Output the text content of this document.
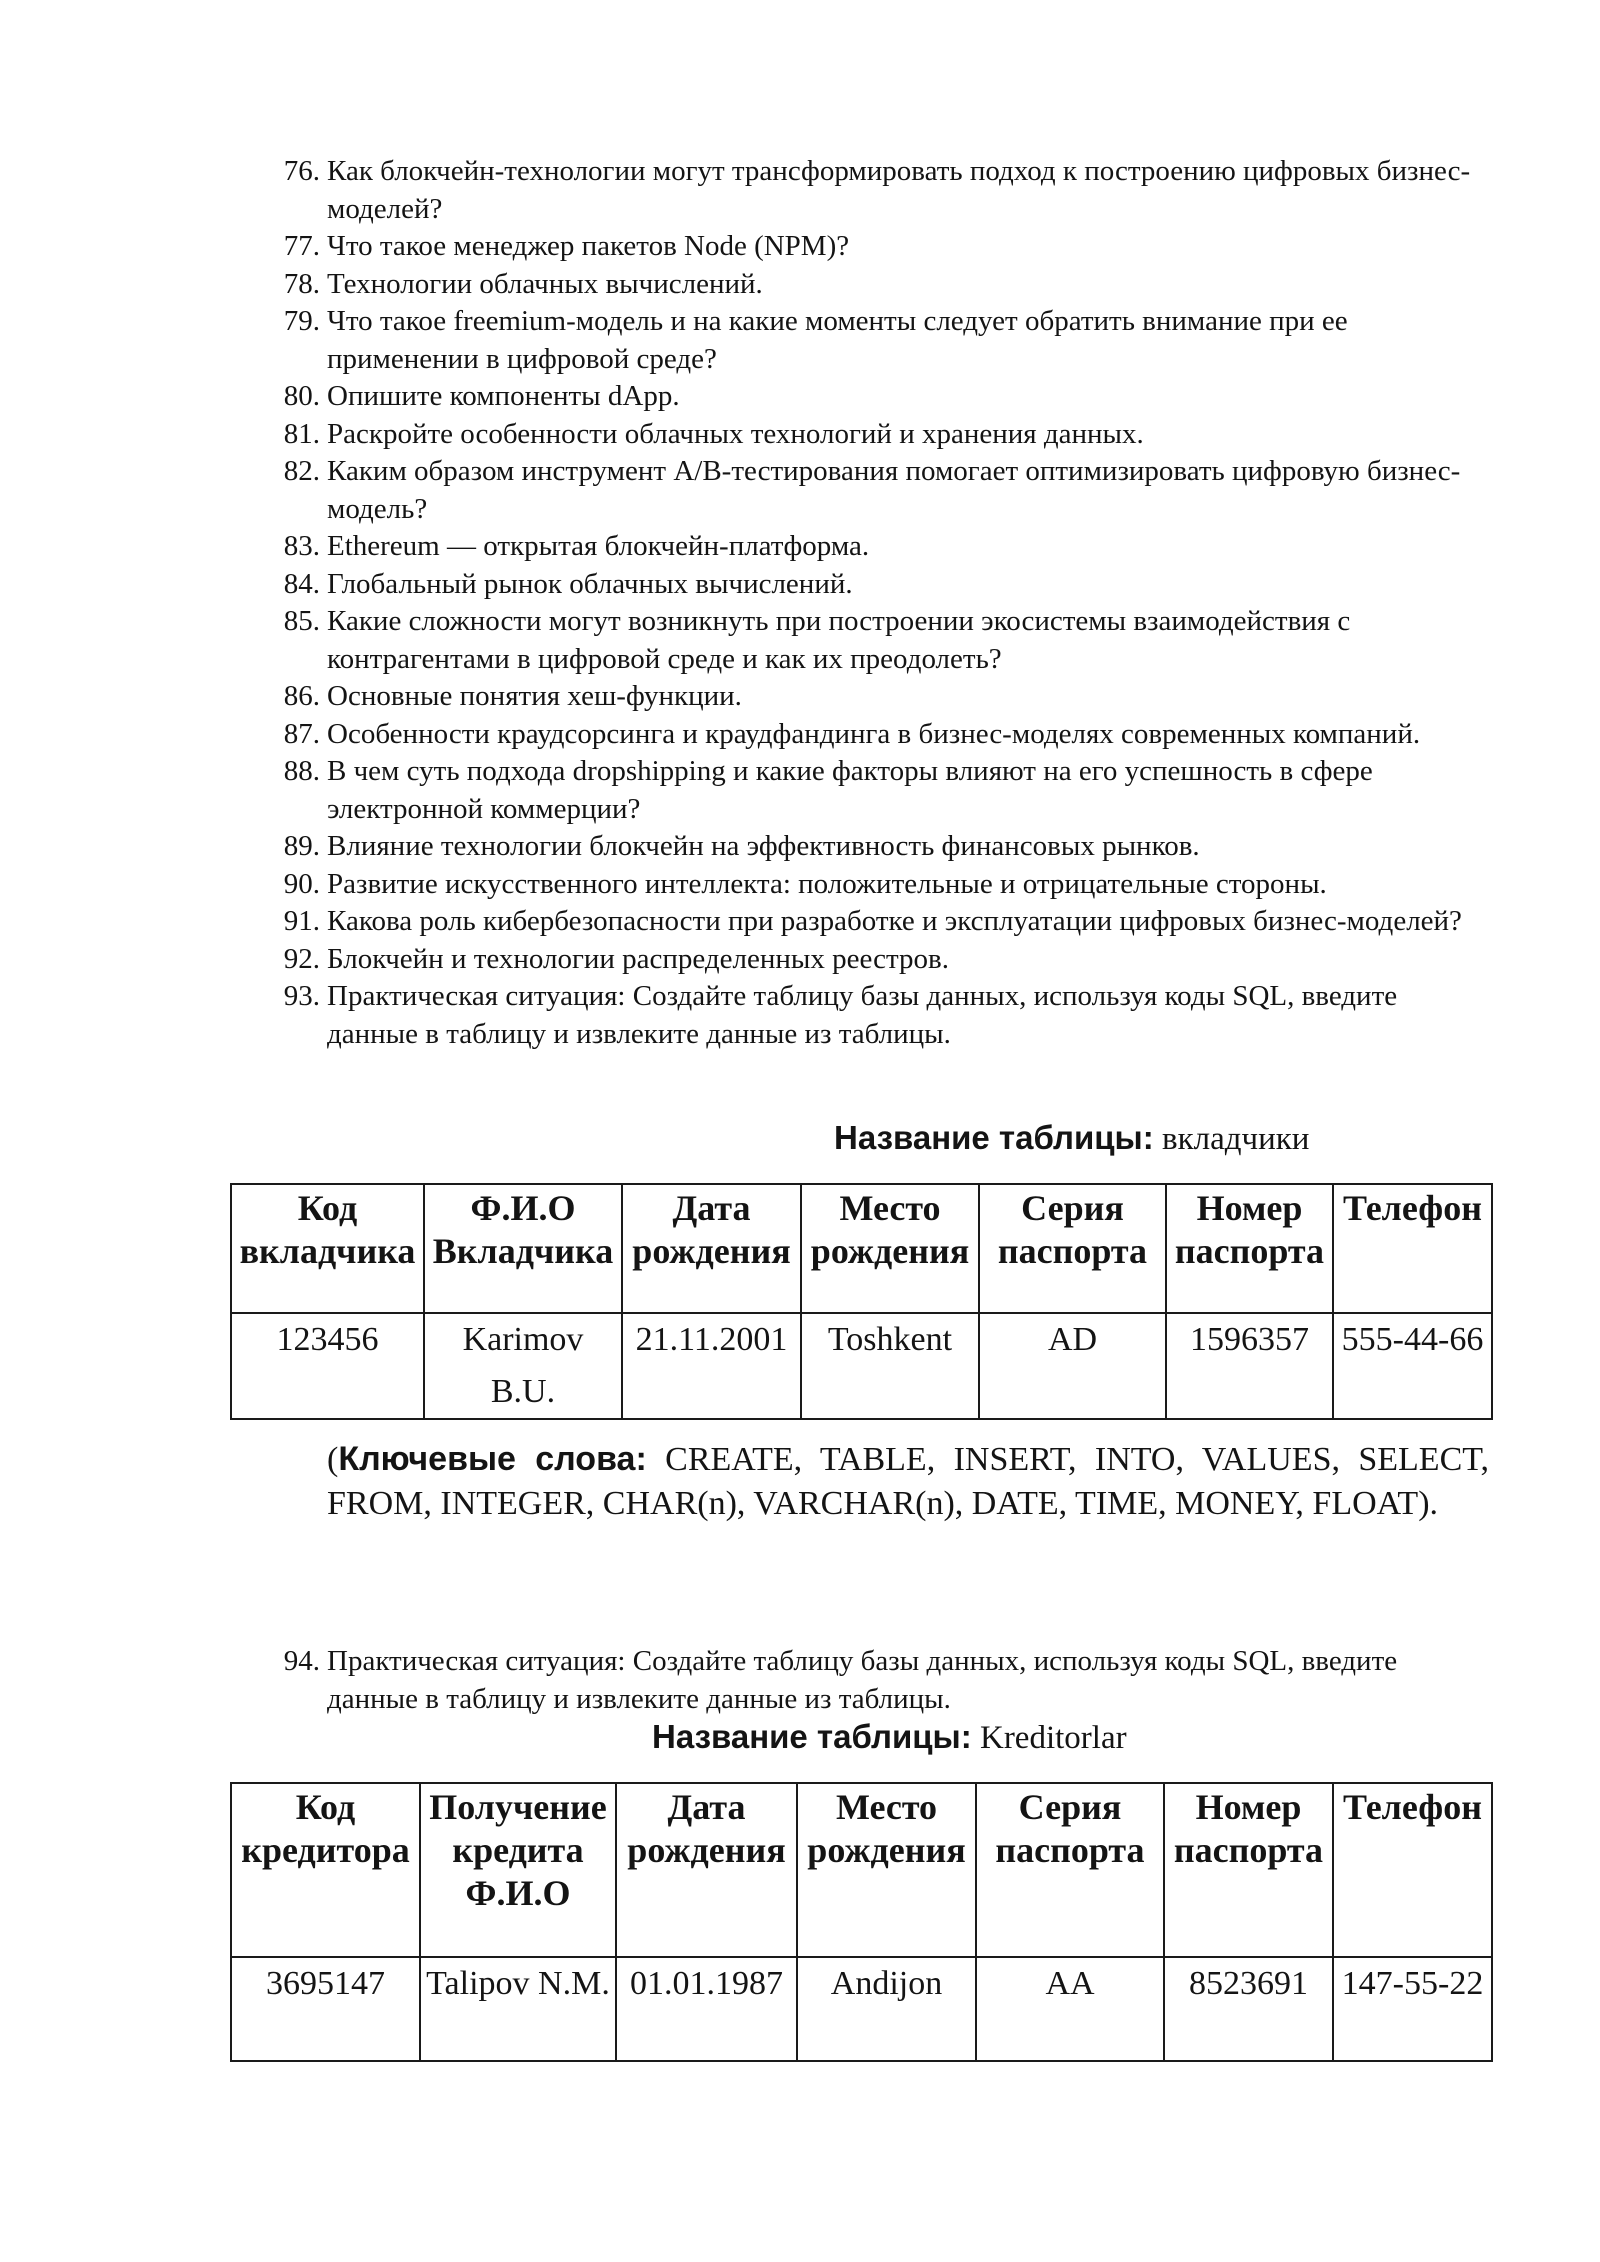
76. Как блокчейн-технологии могут трансформировать подход к построению цифровых бизнес-моделей?
77. Что такое менеджер пакетов Node (NPM)?
78. Технологии облачных вычислений.
79. Что такое freemium-модель и на какие моменты следует обратить внимание при ее применении в цифровой среде?
80. Опишите компоненты dApp.
81. Раскройте особенности облачных технологий и хранения данных.
82. Каким образом инструмент А/В-тестирования помогает оптимизировать цифровую бизнес-модель?
83. Ethereum — открытая блокчейн-платформа.
84. Глобальный рынок облачных вычислений.
85. Какие сложности могут возникнуть при построении экосистемы взаимодействия с контрагентами в цифровой среде и как их преодолеть?
86. Основные понятия хеш-функции.
87. Особенности краудсорсинга и краудфандинга в бизнес-моделях современных компаний.
88. В чем суть подхода dropshipping и какие факторы влияют на его успешность в сфере электронной коммерции?
89. Влияние технологии блокчейн на эффективность финансовых рынков.
90. Развитие искусственного интеллекта: положительные и отрицательные стороны.
91. Какова роль кибербезопасности при разработке и эксплуатации цифровых бизнес-моделей?
92. Блокчейн и технологии распределенных реестров.
93. Практическая ситуация: Создайте таблицу базы данных, используя коды SQL, введите данные в таблицу и извлеките данные из таблицы.
Название таблицы: вкладчики
Код вкладчика	Ф.И.О Вкладчика	Дата рождения	Место рождения	Серия паспорта	Номер паспорта	Телефон

123456	Karimov B.U.	21.11.2001	Toshkent	AD	1596357	555-44-66
(Ключевые слова: CREATE, TABLE, INSERT, INTO, VALUES, SELECT, FROM, INTEGER, CHAR(n), VARCHAR(n), DATE, TIME, MONEY, FLOAT).
94. Практическая ситуация: Создайте таблицу базы данных, используя коды SQL, введите данные в таблицу и извлеките данные из таблицы.
Название таблицы: Kreditorlar
Код кредитора	Получение кредита Ф.И.О	Дата рождения	Место рождения	Серия паспорта	Номер паспорта	Телефон

3695147	Talipov N.M.	01.01.1987	Andijon	AA	8523691	147-55-22
